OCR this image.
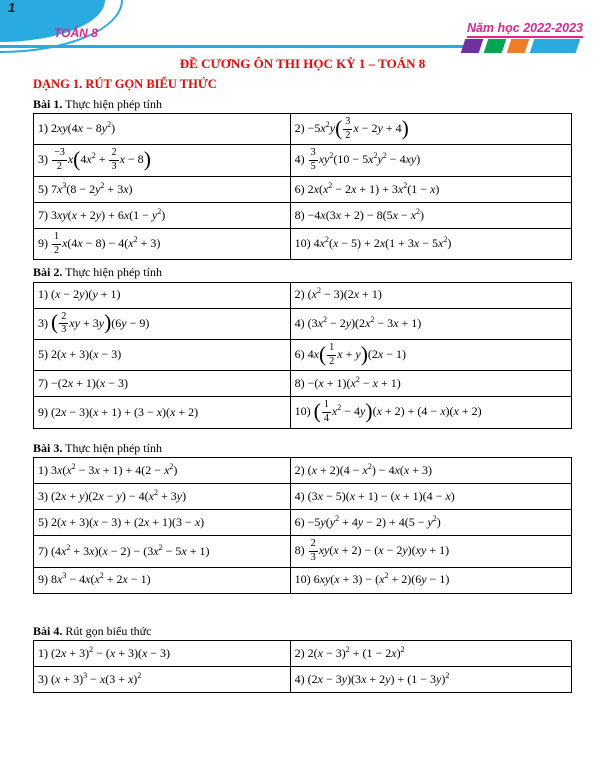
1
TOÁN 8	Năm học 2022-2023
ĐỀ CƯƠNG ÔN THI HỌC KỲ 1 – TOÁN 8
DẠNG 1. RÚT GỌN BIỂU THỨC
Bài 1. Thực hiện phép tính
1) $2xy(4x - 8y^2)$	$2) -5x^2y( \frac{3}{2}$ x − 2y + 4)
$3) \frac{-3}{2} x(4x^2 + \frac{2}{3}$ x − 8)	$4) \frac{3}{5} xy^2(10 - 5x^2y^2 - 4xy)$
5) $7x^3(8 - 2y^2 + 3x)$	6) $2x(x^2 - 2x + 1) + 3x^2(1 - x)$
7) $3xy(x + 2y) + 6x(1 - y^2)$	$8) -4x(3x + 2) - 8(5x - x^2)$
$9) \frac{1}{2} x(4x - 8) - 4(x^2 + 3)$	10) $4x^2(x - 5) + 2x(1 + 3x - 5x^2)$
Bài 2. Thực hiện phép tính
1) (x − 2y)(y + 1)	2) $(x^2 - 3)(2x + 1)$
3) ( $\frac{2}{3}$ xy + 3y)(6y − 9)	4) $(3x^2 - 2y)(2x^2 - 3x + 1)$
5) 2(x + 3)(x − 3)	6) $4x( \frac{1}{2}$ x + y)(2x − 1)
7) −(2x + 1)(x − 3)	$8) -(x + 1)(x^2 - x + 1)$
9) (2x − 3)(x + 1) + (3 − x)(x + 2)	10) ( $\frac{1}{4} x^2 - 4y)(x + 2) + (4 - x)(x + 2)$
Bài 3. Thực hiện phép tính
1) $3x(x^2 - 3x + 1) + 4(2 - x^2)$	2) $(x + 2)(4 - x^2) - 4x(x + 3)$
3) $(2x + y)(2x - y) - 4(x^2 + 3y)$	4) (3x − 5)(x + 1) − (x + 1)(4 − x)
5) 2(x + 3)(x − 3) + (2x + 1)(3 − x)	$6) -5y(y^2 + 4y - 2) + 4(5 - y^2)$
7) $(4x^2 + 3x)(x - 2) - (3x^2 - 5x + 1)$	$8) \frac{2}{3} xy(x + 2) - (x - 2y)(xy + 1)$
9) $8x^3 - 4x(x^2 + 2x - 1)$	10) $6xy(x + 3) - (x^2 + 2)(6y - 1)$
Bài 4. Rút gọn biểu thức
1) $(2x + 3)^2 - (x + 3)(x - 3)$	2) $2(x - 3)^2 + (1 - 2x)^2$
3) $(x + 3)^3 - x(3 + x)^2$	4) $(2x - 3y)(3x + 2y) + (1 - 3y)^2$
